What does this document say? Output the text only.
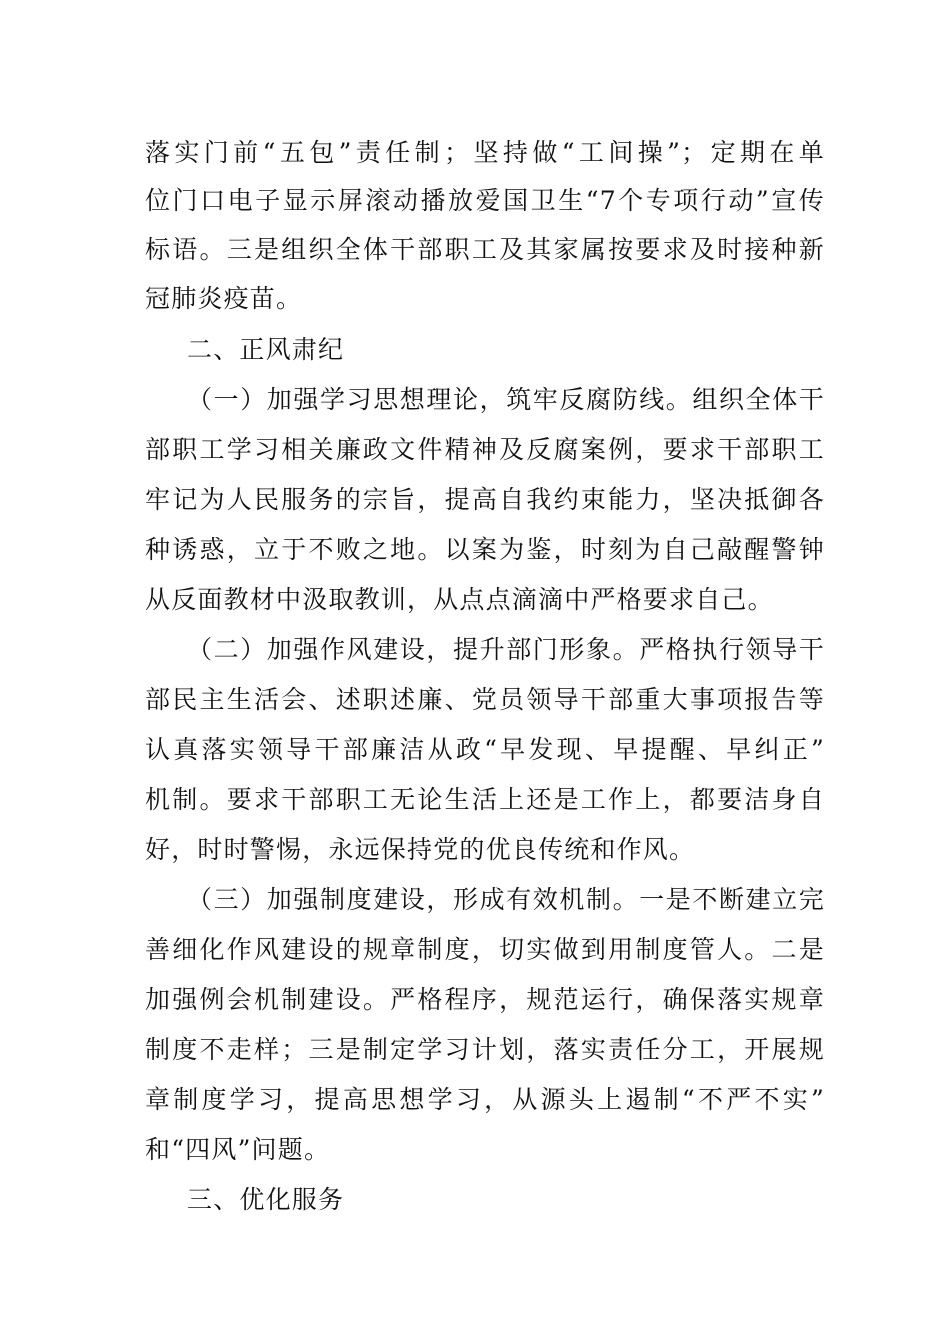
落实门前“五包”责任制；坚持做“工间操”；定期在单
位门口电子显示屏滚动播放爱国卫生“7个专项行动”宣传
标语。三是组织全体干部职工及其家属按要求及时接种新
冠肺炎疫苗。
二、正风肃纪
（一）加强学习思想理论，筑牢反腐防线。组织全体干
部职工学习相关廉政文件精神及反腐案例，要求干部职工
牢记为人民服务的宗旨，提高自我约束能力，坚决抵御各
种诱惑，立于不败之地。以案为鉴，时刻为自己敲醒警钟
从反面教材中汲取教训，从点点滴滴中严格要求自己。
（二）加强作风建设，提升部门形象。严格执行领导干
部民主生活会、述职述廉、党员领导干部重大事项报告等
认真落实领导干部廉洁从政“早发现、早提醒、早纠正”
机制。要求干部职工无论生活上还是工作上，都要洁身自
好，时时警惕，永远保持党的优良传统和作风。
（三）加强制度建设，形成有效机制。一是不断建立完
善细化作风建设的规章制度，切实做到用制度管人。二是
加强例会机制建设。严格程序，规范运行，确保落实规章
制度不走样；三是制定学习计划，落实责任分工，开展规
章制度学习，提高思想学习，从源头上遏制“不严不实”
和“四风”问题。
三、优化服务
